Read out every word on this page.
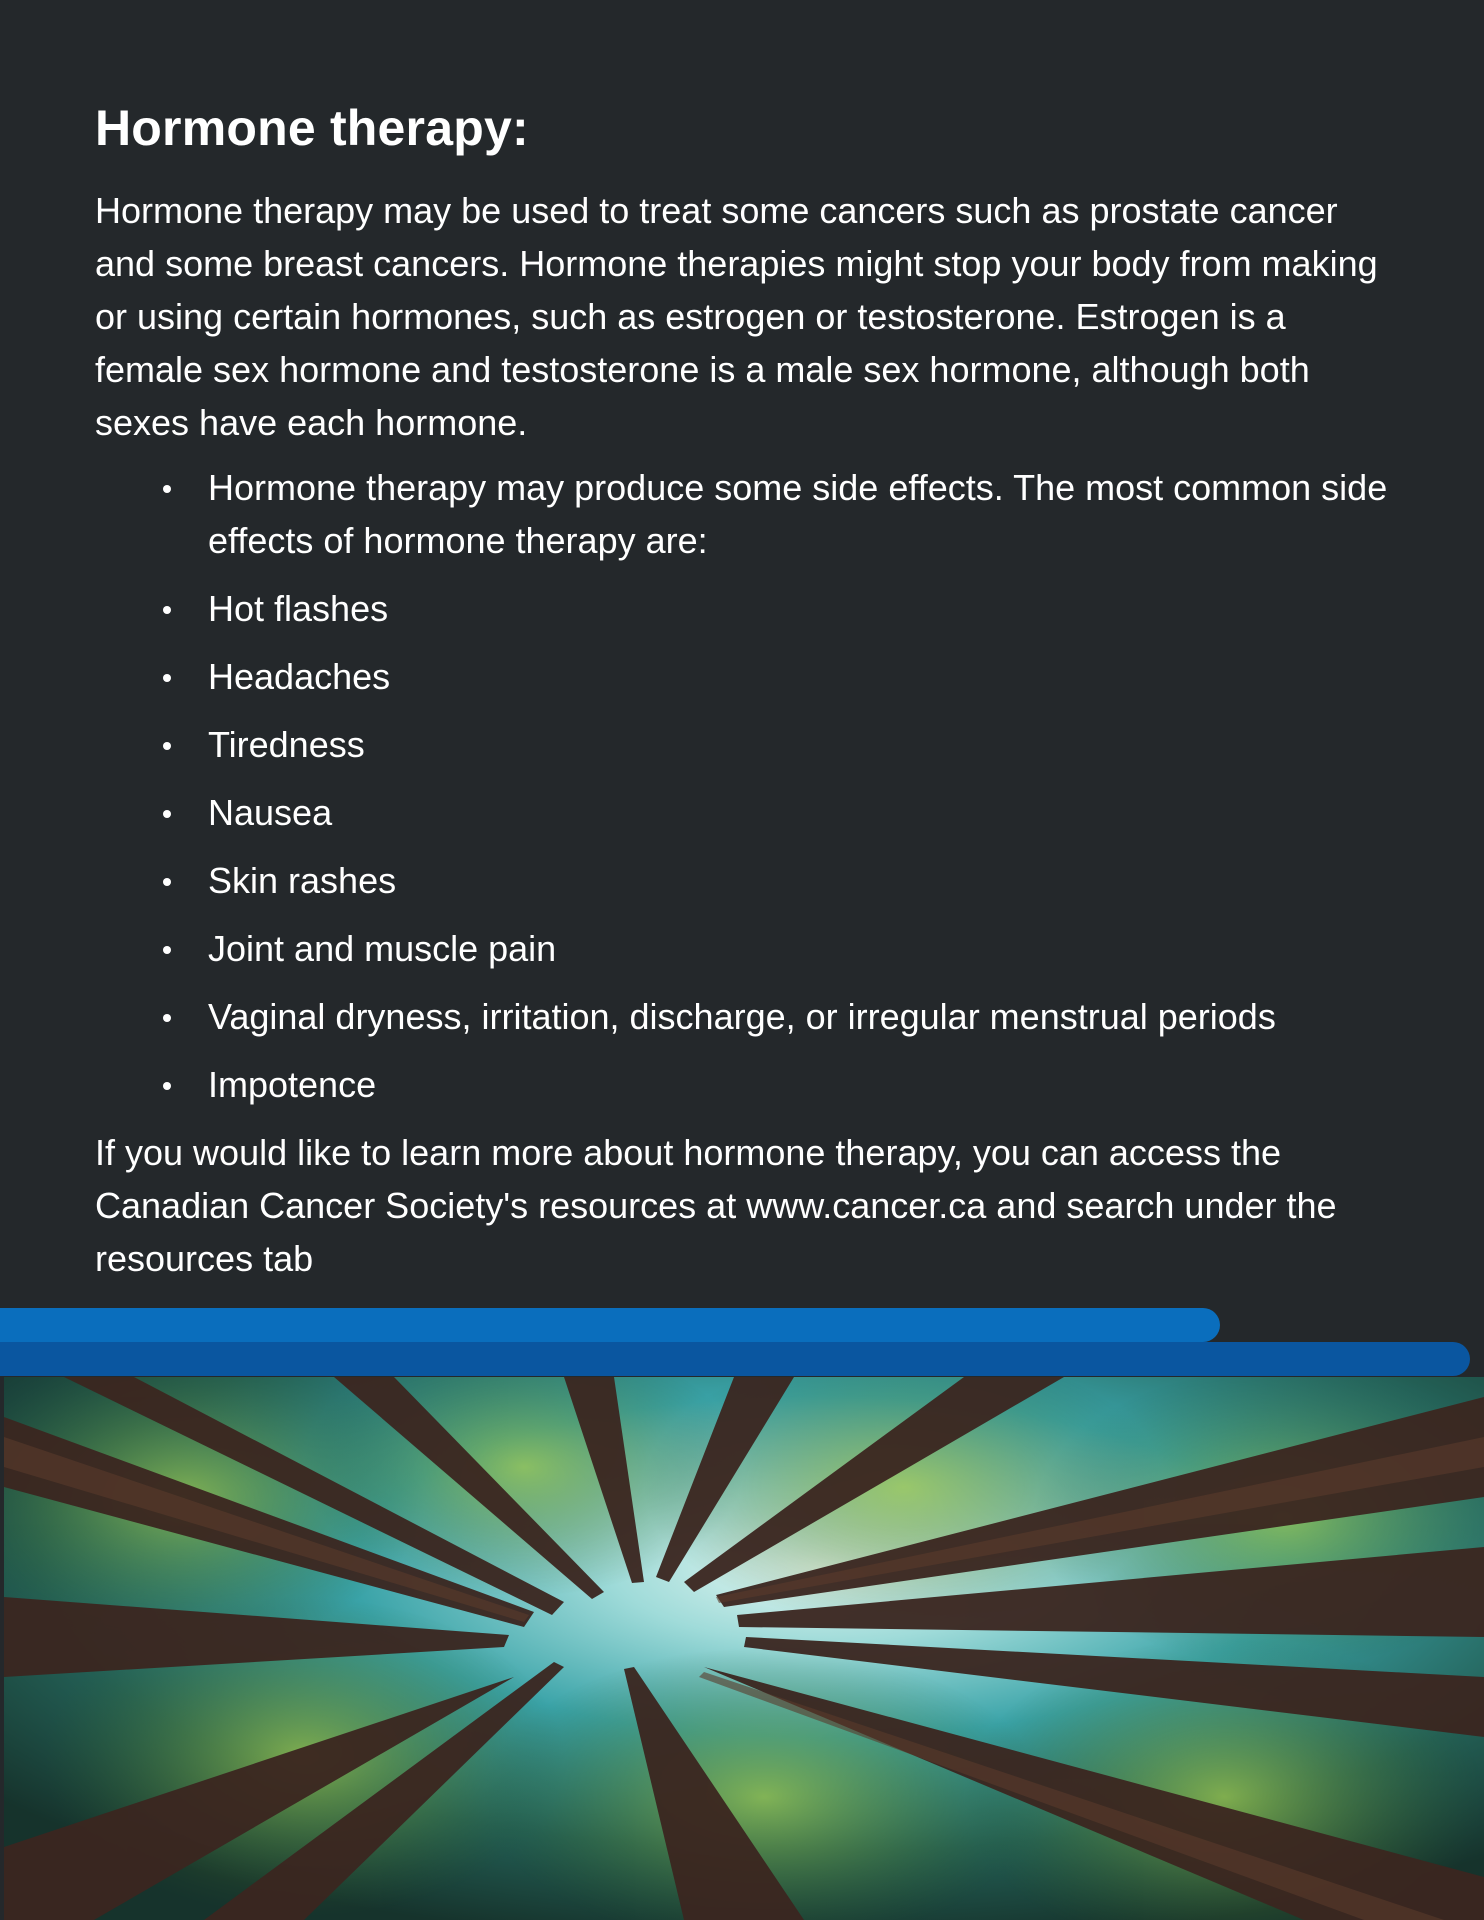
Hormone therapy:

Hormone therapy may be used to treat some cancers such as prostate cancer and some breast cancers. Hormone therapies might stop your body from making or using certain hormones, such as estrogen or testosterone. Estrogen is a female sex hormone and testosterone is a male sex hormone, although both sexes have each hormone.

Hormone therapy may produce some side effects. The most common side effects of hormone therapy are:
Hot flashes
Headaches
Tiredness
Nausea
Skin rashes
Joint and muscle pain
Vaginal dryness, irritation, discharge, or irregular menstrual periods
Impotence

If you would like to learn more about hormone therapy, you can access the Canadian Cancer Society's resources at www.cancer.ca and search under the resources tab
